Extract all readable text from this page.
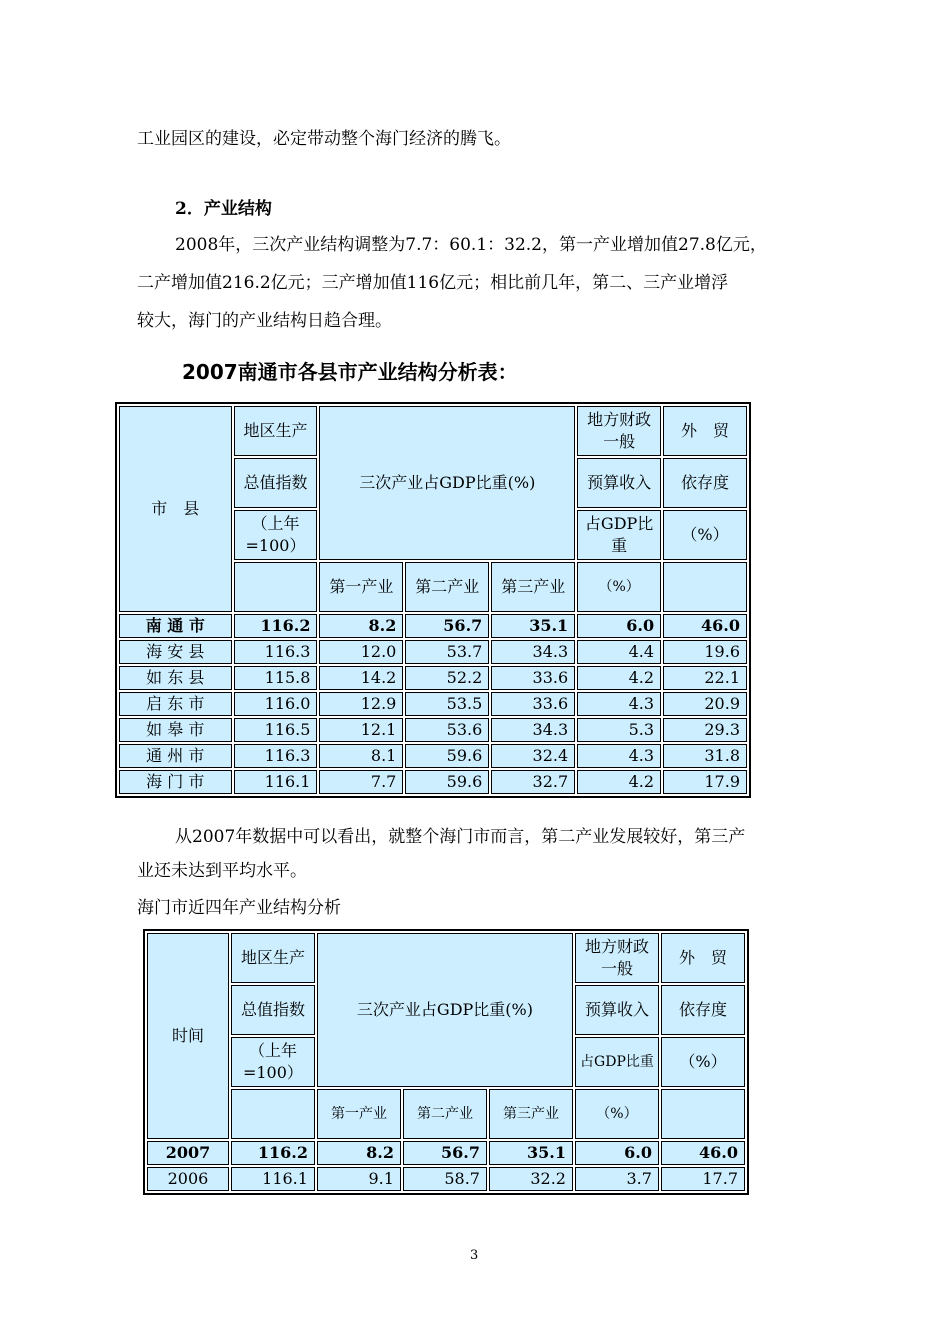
工业园区的建设，必定带动整个海门经济的腾飞。
2．产业结构
2008年，三次产业结构调整为7.7：60.1：32.2，第一产业增加值27.8亿元，
二产增加值216.2亿元；三产增加值116亿元；相比前几年，第二、三产业增浮
较大，海门的产业结构日趋合理。
2007南通市各县市产业结构分析表：
市　县	地区生产	三次产业占GDP比重(%)			地方财政一般	外　贸
	总值指数				预算收入	依存度
	（上年=100）				占GDP比重	（%）
		第一产业	第二产业	第三产业	（%）	
南 通 市	116.2	8.2	56.7	35.1	6.0	46.0
海 安 县	116.3	12.0	53.7	34.3	4.4	19.6
如 东 县	115.8	14.2	52.2	33.6	4.2	22.1
启 东 市	116.0	12.9	53.5	33.6	4.3	20.9
如 皋 市	116.5	12.1	53.6	34.3	5.3	29.3
通 州 市	116.3	8.1	59.6	32.4	4.3	31.8
海 门 市	116.1	7.7	59.6	32.7	4.2	17.9
从2007年数据中可以看出，就整个海门市而言，第二产业发展较好，第三产
业还未达到平均水平。
海门市近四年产业结构分析
时间	地区生产	三次产业占GDP比重(%)			地方财政一般	外　贸
	总值指数				预算收入	依存度
	（上年=100）				占GDP比重	（%）
		第一产业	第二产业	第三产业	（%）	
2007	116.2	8.2	56.7	35.1	6.0	46.0
2006	116.1	9.1	58.7	32.2	3.7	17.7
3
